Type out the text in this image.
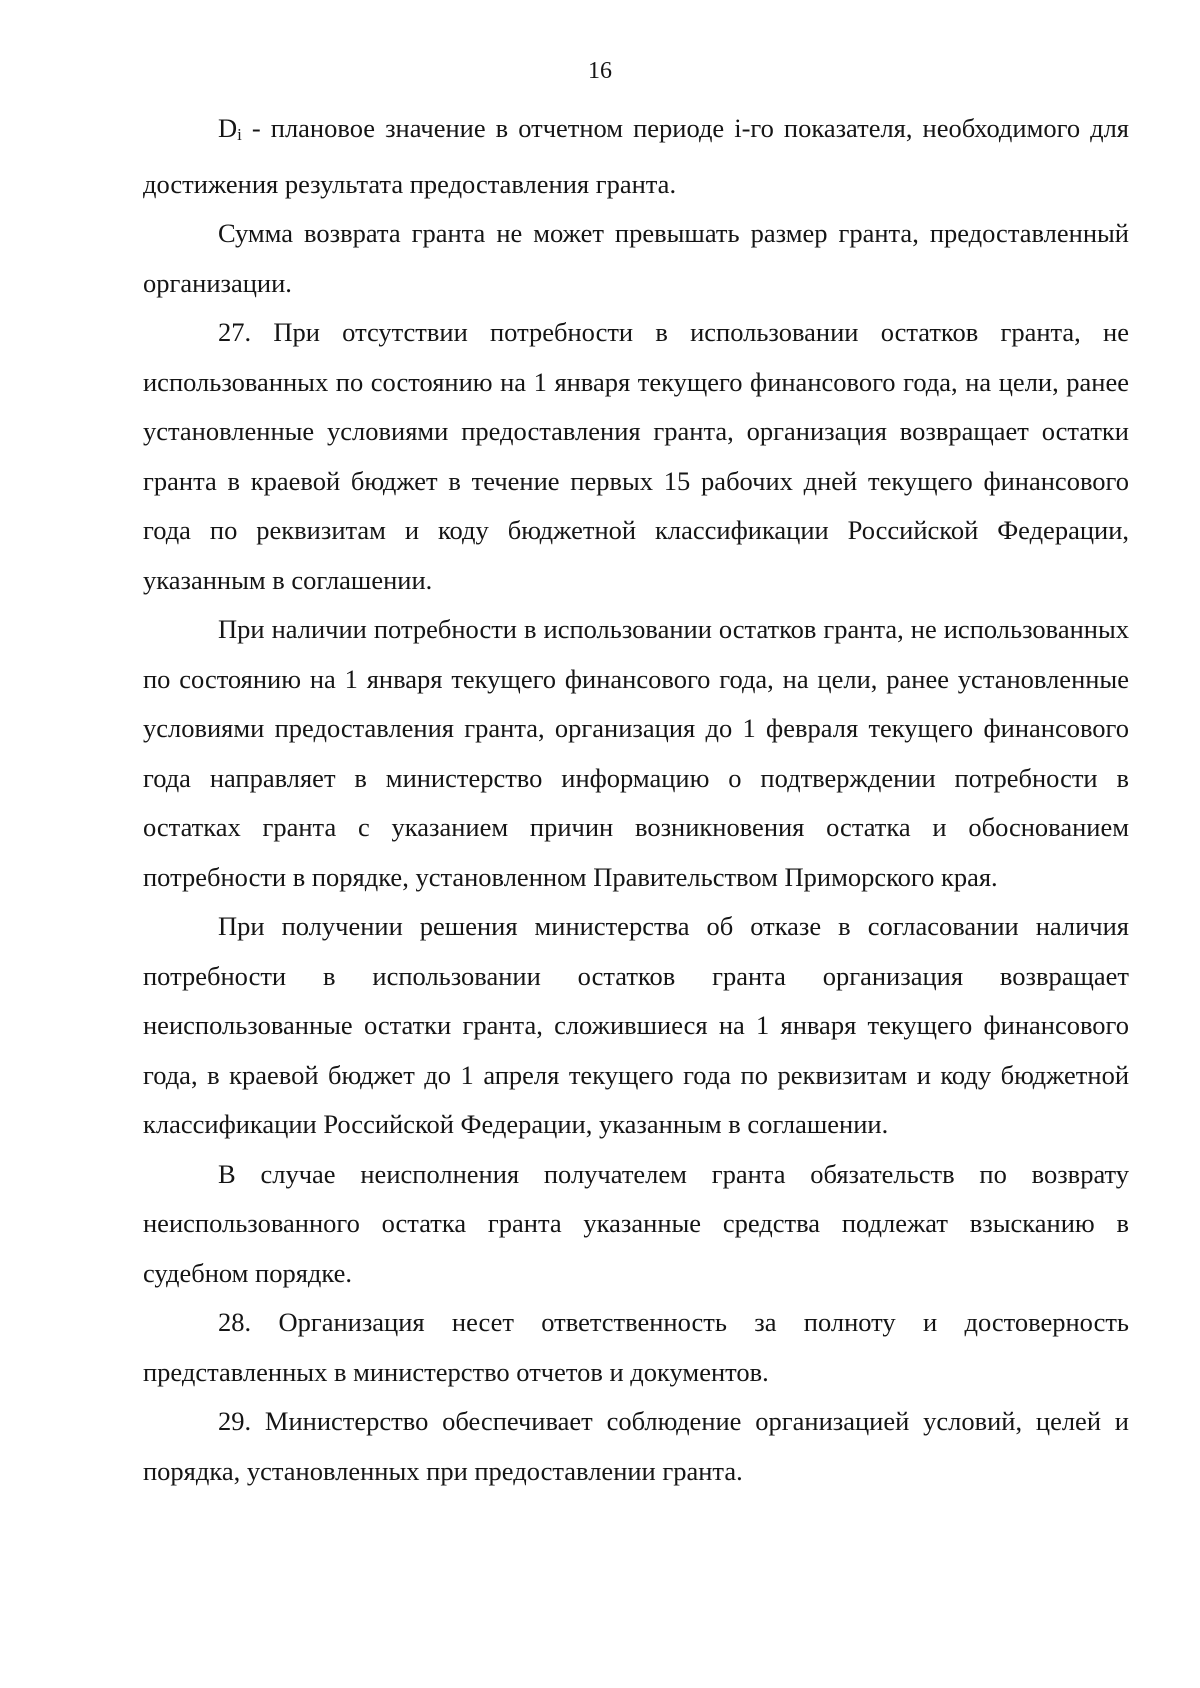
16

Di - плановое значение в отчетном периоде i-го показателя, необходимого для достижения результата предоставления гранта.

Сумма возврата гранта не может превышать размер гранта, предоставленный организации.

27. При отсутствии потребности в использовании остатков гранта, не использованных по состоянию на 1 января текущего финансового года, на цели, ранее установленные условиями предоставления гранта, организация возвращает остатки гранта в краевой бюджет в течение первых 15 рабочих дней текущего финансового года по реквизитам и коду бюджетной классификации Российской Федерации, указанным в соглашении.

При наличии потребности в использовании остатков гранта, не использованных по состоянию на 1 января текущего финансового года, на цели, ранее установленные условиями предоставления гранта, организация до 1 февраля текущего финансового года направляет в министерство информацию о подтверждении потребности в остатках гранта с указанием причин возникновения остатка и обоснованием потребности в порядке, установленном Правительством Приморского края.

При получении решения министерства об отказе в согласовании наличия потребности в использовании остатков гранта организация возвращает неиспользованные остатки гранта, сложившиеся на 1 января текущего финансового года, в краевой бюджет до 1 апреля текущего года по реквизитам и коду бюджетной классификации Российской Федерации, указанным в соглашении.

В случае неисполнения получателем гранта обязательств по возврату неиспользованного остатка гранта указанные средства подлежат взысканию в судебном порядке.

28. Организация несет ответственность за полноту и достоверность представленных в министерство отчетов и документов.

29. Министерство обеспечивает соблюдение организацией условий, целей и порядка, установленных при предоставлении гранта.
